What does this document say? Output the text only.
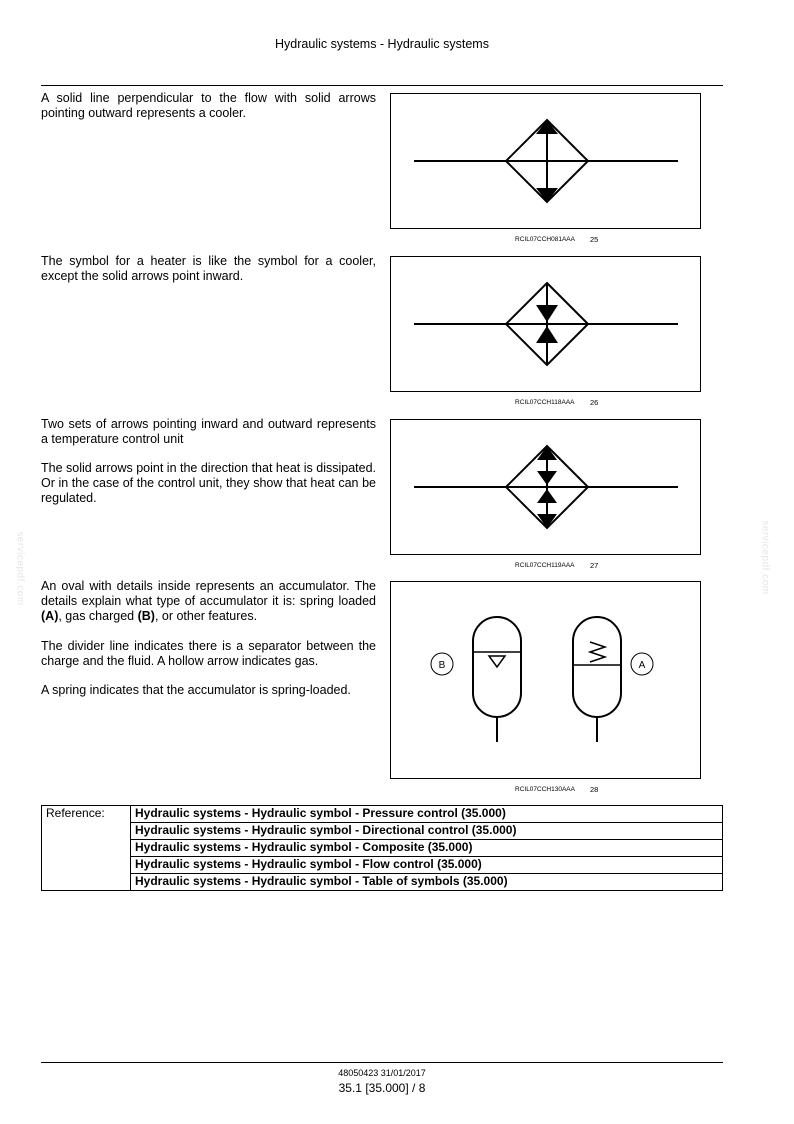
Hydraulic systems - Hydraulic systems

A solid line perpendicular to the flow with solid arrows pointing outward represents a cooler.

RCIL07CCH081AAA 25

The symbol for a heater is like the symbol for a cooler, except the solid arrows point inward.

RCIL07CCH118AAA 26

Two sets of arrows pointing inward and outward represents a temperature control unit

The solid arrows point in the direction that heat is dissipated. Or in the case of the control unit, they show that heat can be regulated.

RCIL07CCH119AAA 27

An oval with details inside represents an accumulator. The details explain what type of accumulator it is: spring loaded (A), gas charged (B), or other features.

The divider line indicates there is a separator between the charge and the fluid. A hollow arrow indicates gas.

A spring indicates that the accumulator is spring-loaded.

B	A
RCIL07CCH130AAA 28
Reference:	Hydraulic systems - Hydraulic symbol - Pressure control (35.000)
Hydraulic systems - Hydraulic symbol - Directional control (35.000)
Hydraulic systems - Hydraulic symbol - Composite (35.000)
Hydraulic systems - Hydraulic symbol - Flow control (35.000)
Hydraulic systems - Hydraulic symbol - Table of symbols (35.000)
servicepdf.com	servicepdf.com
48050423 31/01/2017
35.1 [35.000] / 8
